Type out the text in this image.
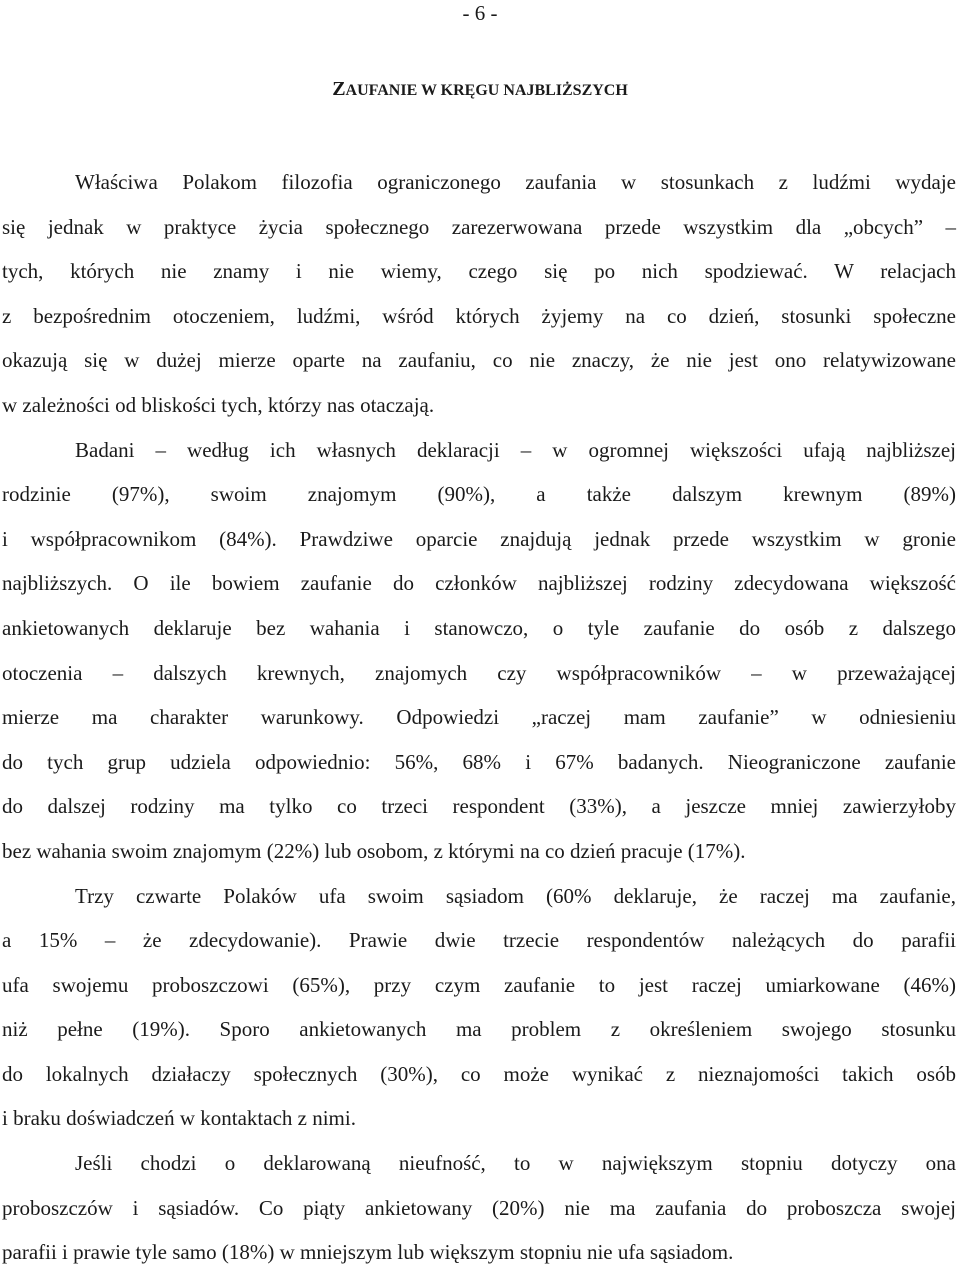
- 6 -
ZAUFANIE W KRĘGU NAJBLIŻSZYCH
Właściwa Polakom filozofia ograniczonego zaufania w stosunkach z ludźmi wydaje
się jednak w praktyce życia społecznego zarezerwowana przede wszystkim dla „obcych” –
tych, których nie znamy i nie wiemy, czego się po nich spodziewać. W relacjach
z bezpośrednim otoczeniem, ludźmi, wśród których żyjemy na co dzień, stosunki społeczne
okazują się w dużej mierze oparte na zaufaniu, co nie znaczy, że nie jest ono relatywizowane
w zależności od bliskości tych, którzy nas otaczają.
Badani – według ich własnych deklaracji – w ogromnej większości ufają najbliższej
rodzinie (97%), swoim znajomym (90%), a także dalszym krewnym (89%)
i współpracownikom (84%). Prawdziwe oparcie znajdują jednak przede wszystkim w gronie
najbliższych. O ile bowiem zaufanie do członków najbliższej rodziny zdecydowana większość
ankietowanych deklaruje bez wahania i stanowczo, o tyle zaufanie do osób z dalszego
otoczenia – dalszych krewnych, znajomych czy współpracowników – w przeważającej
mierze ma charakter warunkowy. Odpowiedzi „raczej mam zaufanie” w odniesieniu
do tych grup udziela odpowiednio: 56%, 68% i 67% badanych. Nieograniczone zaufanie
do dalszej rodziny ma tylko co trzeci respondent (33%), a jeszcze mniej zawierzyłoby
bez wahania swoim znajomym (22%) lub osobom, z którymi na co dzień pracuje (17%).
Trzy czwarte Polaków ufa swoim sąsiadom (60% deklaruje, że raczej ma zaufanie,
a 15% – że zdecydowanie). Prawie dwie trzecie respondentów należących do parafii
ufa swojemu proboszczowi (65%), przy czym zaufanie to jest raczej umiarkowane (46%)
niż pełne (19%). Sporo ankietowanych ma problem z określeniem swojego stosunku
do lokalnych działaczy społecznych (30%), co może wynikać z nieznajomości takich osób
i braku doświadczeń w kontaktach z nimi.
Jeśli chodzi o deklarowaną nieufność, to w największym stopniu dotyczy ona
proboszczów i sąsiadów. Co piąty ankietowany (20%) nie ma zaufania do proboszcza swojej
parafii i prawie tyle samo (18%) w mniejszym lub większym stopniu nie ufa sąsiadom.
